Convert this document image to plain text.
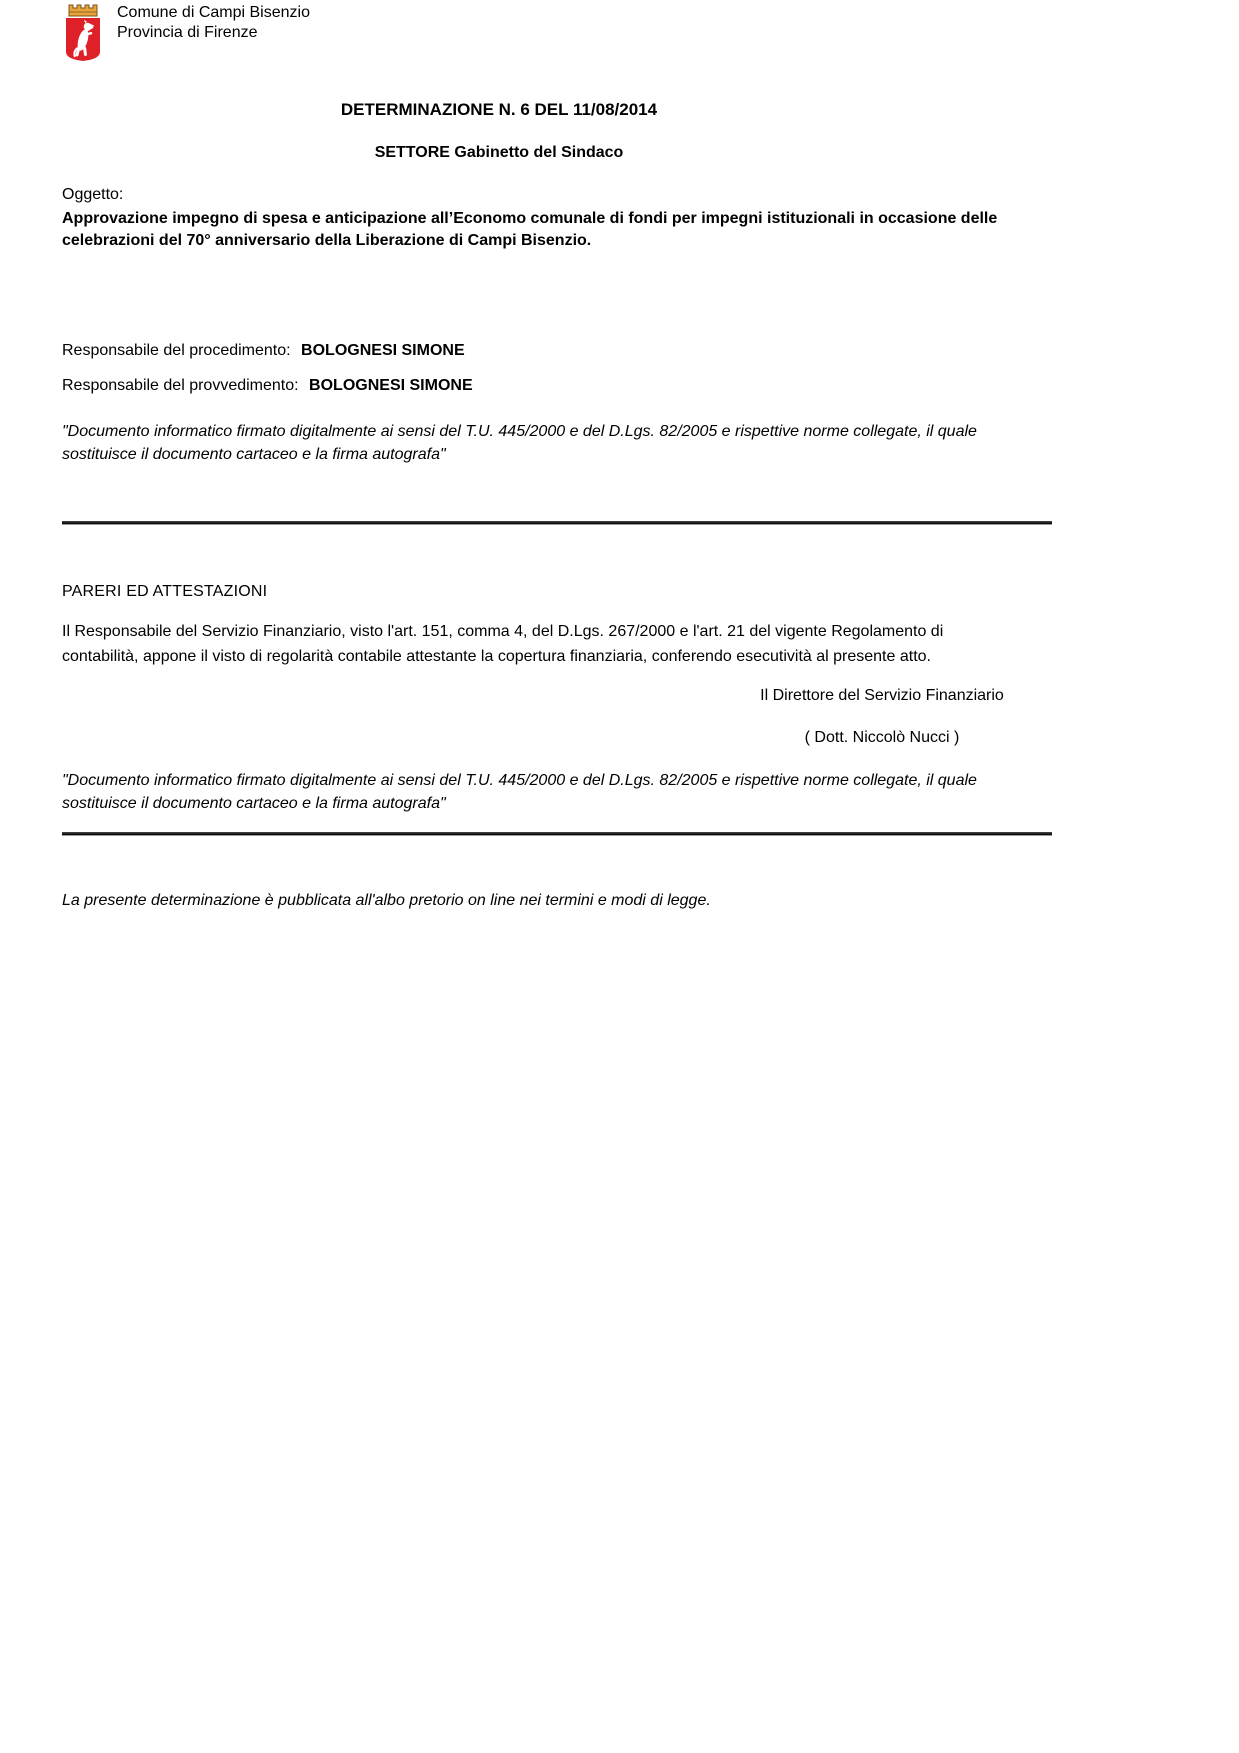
Comune di Campi Bisenzio
Provincia di Firenze
DETERMINAZIONE N. 6 DEL 11/08/2014
SETTORE Gabinetto del Sindaco
Oggetto:

Approvazione impegno di spesa e anticipazione all’Economo comunale di fondi per impegni istituzionali in occasione delle celebrazioni del 70° anniversario della Liberazione di Campi Bisenzio.

Responsabile del procedimento: BOLOGNESI SIMONE
Responsabile del provvedimento: BOLOGNESI SIMONE

"Documento informatico firmato digitalmente ai sensi del T.U. 445/2000 e del D.Lgs. 82/2005 e rispettive norme collegate, il quale sostituisce il documento cartaceo e la firma autografa"

PARERI ED ATTESTAZIONI

Il Responsabile del Servizio Finanziario, visto l'art. 151, comma 4, del D.Lgs. 267/2000 e l'art. 21 del vigente Regolamento di contabilità, appone il visto di regolarità contabile attestante la copertura finanziaria, conferendo esecutività al presente atto.

Il Direttore del Servizio Finanziario
( Dott. Niccolò Nucci )

"Documento informatico firmato digitalmente ai sensi del T.U. 445/2000 e del D.Lgs. 82/2005 e rispettive norme collegate, il quale sostituisce il documento cartaceo e la firma autografa"

La presente determinazione è pubblicata all'albo pretorio on line nei termini e modi di legge.
